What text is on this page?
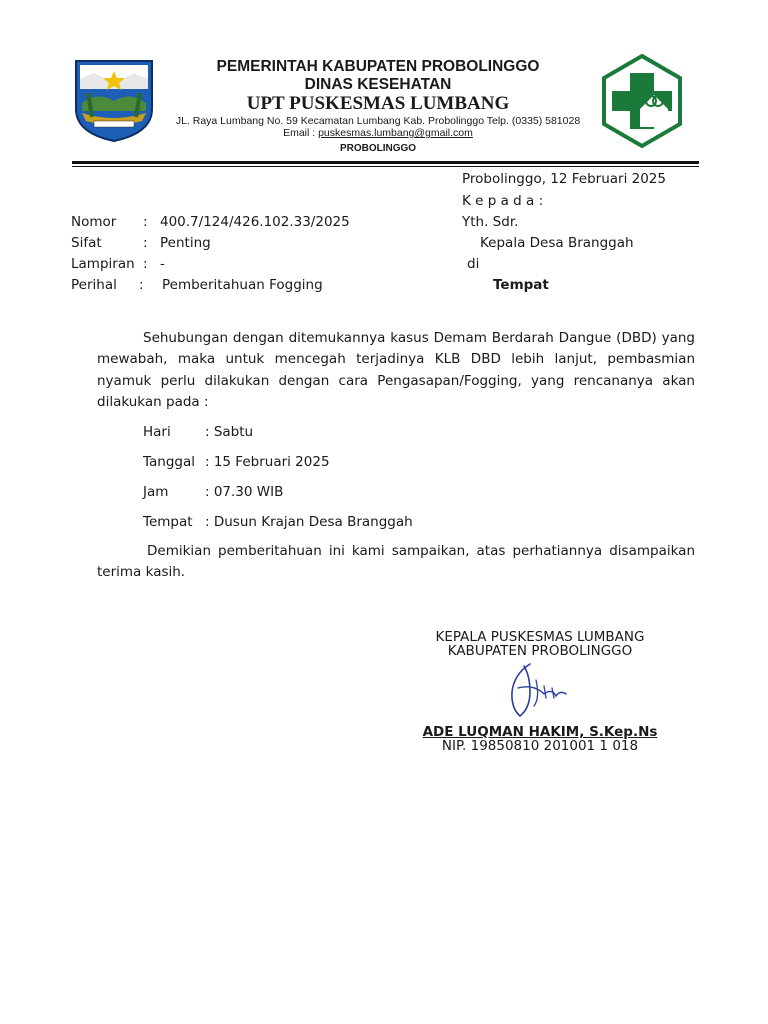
PEMERINTAH KABUPATEN PROBOLINGGO
DINAS KESEHATAN
UPT PUSKESMAS LUMBANG
JL. Raya Lumbang No. 59 Kecamatan Lumbang Kab. Probolinggo Telp. (0335) 581028
Email : puskesmas.lumbang@gmail.com
PROBOLINGGO
Probolinggo, 12 Februari 2025
K e p a d a :
Yth. Sdr.
Kepala Desa Branggah
di
Tempat
Nomor : 400.7/124/426.102.33/2025
Sifat	: Penting
Lampiran : -
Perihal : Pemberitahuan Fogging
Sehubungan dengan ditemukannya kasus Demam Berdarah Dangue (DBD) yang mewabah, maka untuk mencegah terjadinya KLB DBD lebih lanjut, pembasmian nyamuk perlu dilakukan dengan cara Pengasapan/Fogging, yang rencananya akan dilakukan pada :
Hari	: Sabtu
Tanggal : 15 Februari 2025
Jam	: 07.30 WIB
Tempat : Dusun Krajan Desa Branggah
Demikian pemberitahuan ini kami sampaikan, atas perhatiannya disampaikan terima kasih.
KEPALA PUSKESMAS LUMBANG
KABUPATEN PROBOLINGGO
ADE LUQMAN HAKIM, S.Kep.Ns
NIP. 19850810 201001 1 018
